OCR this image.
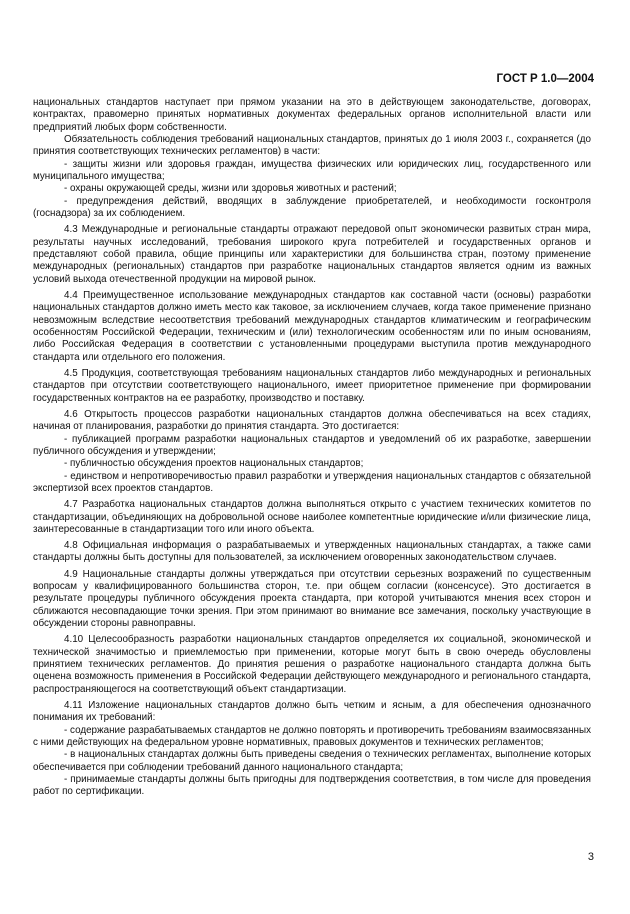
ГОСТ Р 1.0—2004

национальных стандартов наступает при прямом указании на это в действующем законодательстве, договорах, контрактах, правомерно принятых нормативных документах федеральных органов исполнительной власти или предприятий любых форм собственности.

Обязательность соблюдения требований национальных стандартов, принятых до 1 июля 2003 г., сохраняется (до принятия соответствующих технических регламентов) в части:

- защиты жизни или здоровья граждан, имущества физических или юридических лиц, государственного или муниципального имущества;

- охраны окружающей среды, жизни или здоровья животных и растений;

- предупреждения действий, вводящих в заблуждение приобретателей, и необходимости госконтроля (госнадзора) за их соблюдением.

4.3 Международные и региональные стандарты отражают передовой опыт экономически развитых стран мира, результаты научных исследований, требования широкого круга потребителей и государственных органов и представляют собой правила, общие принципы или характеристики для большинства стран, поэтому применение международных (региональных) стандартов при разработке национальных стандартов является одним из важных условий выхода отечественной продукции на мировой рынок.

4.4 Преимущественное использование международных стандартов как составной части (основы) разработки национальных стандартов должно иметь место как таковое, за исключением случаев, когда такое применение признано невозможным вследствие несоответствия требований международных стандартов климатическим и географическим особенностям Российской Федерации, техническим и (или) технологическим особенностям или по иным основаниям, либо Российская Федерация в соответствии с установленными процедурами выступила против международного стандарта или отдельного его положения.

4.5 Продукция, соответствующая требованиям национальных стандартов либо международных и региональных стандартов при отсутствии соответствующего национального, имеет приоритетное применение при формировании государственных контрактов на ее разработку, производство и поставку.

4.6 Открытость процессов разработки национальных стандартов должна обеспечиваться на всех стадиях, начиная от планирования, разработки до принятия стандарта. Это достигается:

- публикацией программ разработки национальных стандартов и уведомлений об их разработке, завершении публичного обсуждения и утверждении;

- публичностью обсуждения проектов национальных стандартов;

- единством и непротиворечивостью правил разработки и утверждения национальных стандартов с обязательной экспертизой всех проектов стандартов.

4.7 Разработка национальных стандартов должна выполняться открыто с участием технических комитетов по стандартизации, объединяющих на добровольной основе наиболее компетентные юридические и/или физические лица, заинтересованные в стандартизации того или иного объекта.

4.8 Официальная информация о разрабатываемых и утвержденных национальных стандартах, а также сами стандарты должны быть доступны для пользователей, за исключением оговоренных законодательством случаев.

4.9 Национальные стандарты должны утверждаться при отсутствии серьезных возражений по существенным вопросам у квалифицированного большинства сторон, т.е. при общем согласии (консенсусе). Это достигается в результате процедуры публичного обсуждения проекта стандарта, при которой учитываются мнения всех сторон и сближаются несовпадающие точки зрения. При этом принимают во внимание все замечания, поскольку участвующие в обсуждении стороны равноправны.

4.10 Целесообразность разработки национальных стандартов определяется их социальной, экономической и технической значимостью и приемлемостью при применении, которые могут быть в свою очередь обусловлены принятием технических регламентов. До принятия решения о разработке национального стандарта должна быть оценена возможность применения в Российской Федерации действующего международного и регионального стандарта, распространяющегося на соответствующий объект стандартизации.

4.11 Изложение национальных стандартов должно быть четким и ясным, а для обеспечения однозначного понимания их требований:

- содержание разрабатываемых стандартов не должно повторять и противоречить требованиям взаимосвязанных с ними действующих на федеральном уровне нормативных, правовых документов и технических регламентов;

- в национальных стандартах должны быть приведены сведения о технических регламентах, выполнение которых обеспечивается при соблюдении требований данного национального стандарта;

- принимаемые стандарты должны быть пригодны для подтверждения соответствия, в том числе для проведения работ по сертификации.

3
